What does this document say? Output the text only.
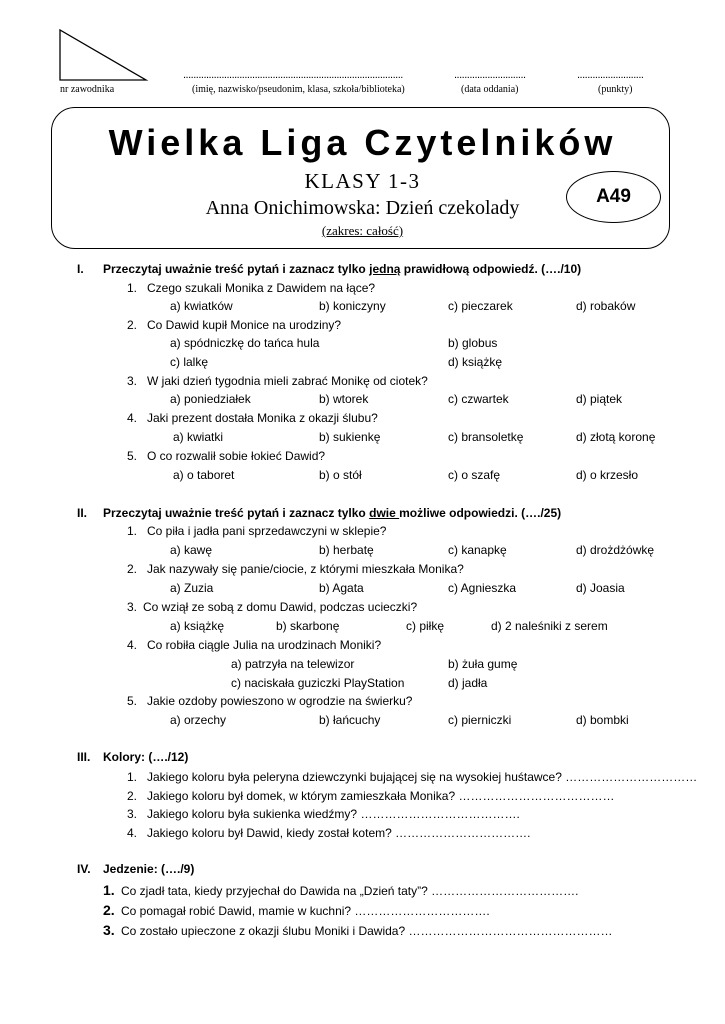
nr zawodnika
......................................................................................
(imię, nazwisko/pseudonim, klasa, szkoła/biblioteka)
............................
(data oddania)
..........................
(punkty)
Wielka Liga Czytelników
KLASY 1-3
Anna Onichimowska: Dzień czekolady
(zakres: całość)
A49
I. Przeczytaj uważnie treść pytań i zaznacz tylko jedną prawidłową odpowiedź. (…./10)
1. Czego szukali Monika z Dawidem na łące?
a) kwiatków	b) koniczyny	c) pieczarek	d) robaków
2. Co Dawid kupił Monice na urodziny?
a) spódniczkę do tańca hula	b) globus
c) lalkę	d) książkę
3. W jaki dzień tygodnia mieli zabrać Monikę od ciotek?
a) poniedziałek	b) wtorek	c) czwartek	d) piątek
4. Jaki prezent dostała Monika z okazji ślubu?
a) kwiatki	b) sukienkę	c) bransoletkę	d) złotą koronę
5. O co rozwalił sobie łokieć Dawid?
a) o taboret	b) o stół	c) o szafę	d) o krzesło
II. Przeczytaj uważnie treść pytań i zaznacz tylko dwie możliwe odpowiedzi. (…./25)
1. Co piła i jadła pani sprzedawczyni w sklepie?
a) kawę	b) herbatę	c) kanapkę	d) drożdżówkę
2. Jak nazywały się panie/ciocie, z którymi mieszkała Monika?
a) Zuzia	b) Agata	c) Agnieszka	d) Joasia
3. Co wziął ze sobą z domu Dawid, podczas ucieczki?
a) książkę	b) skarbonę	c) piłkę	d) 2 naleśniki z serem
4. Co robiła ciągle Julia na urodzinach Moniki?
a) patrzyła na telewizor	b) żuła gumę
c) naciskała guziczki PlayStation	d) jadła
5. Jakie ozdoby powieszono w ogrodzie na świerku?
a) orzechy	b) łańcuchy	c) pierniczki	d) bombki
III. Kolory: (…./12)
1. Jakiego koloru była peleryna dziewczynki bujającej się na wysokiej huśtawce? ……………………………
2. Jakiego koloru był domek, w którym zamieszkała Monika? …………………………………
3. Jakiego koloru była sukienka wiedźmy? ………………………………….
4. Jakiego koloru był Dawid, kiedy został kotem? …………………………….
IV. Jedzenie: (…./9)
1. Co zjadł tata, kiedy przyjechał do Dawida na „Dzień taty”? ……………………………….
2. Co pomagał robić Dawid, mamie w kuchni? …………………………….
3. Co zostało upieczone z okazji ślubu Moniki i Dawida? ……………………………………………
